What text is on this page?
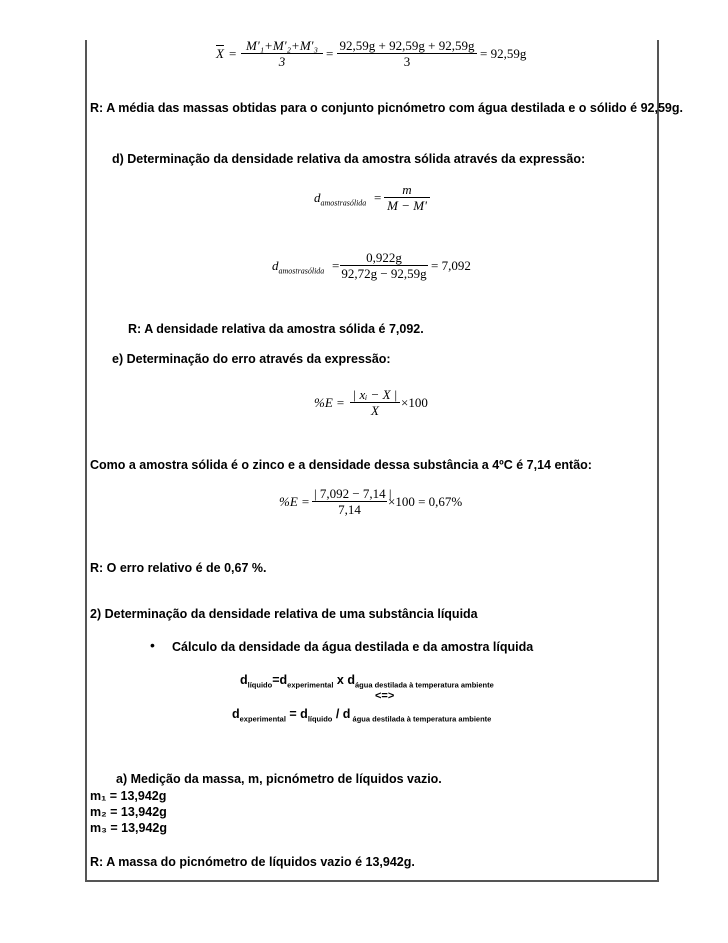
$\overline{X} = \frac{\text{M'₁+M'₂+M'₃}}{3} = \frac{92,59g + 92,59g + 92,59g}{3} = 92,59g$
R: A média das massas obtidas para o conjunto picnómetro com água destilada e o sólido é 92,59g.
d) Determinação da densidade relativa da amostra sólida através da expressão:
$d_{amostrasólida} = \frac{m}{M - M'}$
$d_{amostrasólida} = \frac{0,922g}{92,72g - 92,59g} = 7,092$
R: A densidade relativa da amostra sólida é 7,092.
e) Determinação do erro através da expressão:
$\%E = \frac{\text{| xᵢ − X |}}{X} \times 100$
Como a amostra sólida é o zinco e a densidade dessa substância a 4ºC é 7,14 então:
$\%E = \frac{| 7,092 - 7,14 |}{7,14} \times 100 = 0,67\%$
R: O erro relativo é de 0,67 %.
2) Determinação da densidade relativa de uma substância líquida
• Cálculo da densidade da água destilada e da amostra líquida
$d_{líquido}=d_{experimental}$ x $d_{água destilada à temperatura ambiente}$
<=>
$d_{experimental} = d_{líquido} / d$ $_{água destilada à temperatura ambiente}$
a) Medição da massa, m, picnómetro de líquidos vazio.
m₁ = 13,942g
m₂ = 13,942g
m₃ = 13,942g
R: A massa do picnómetro de líquidos vazio é 13,942g.
